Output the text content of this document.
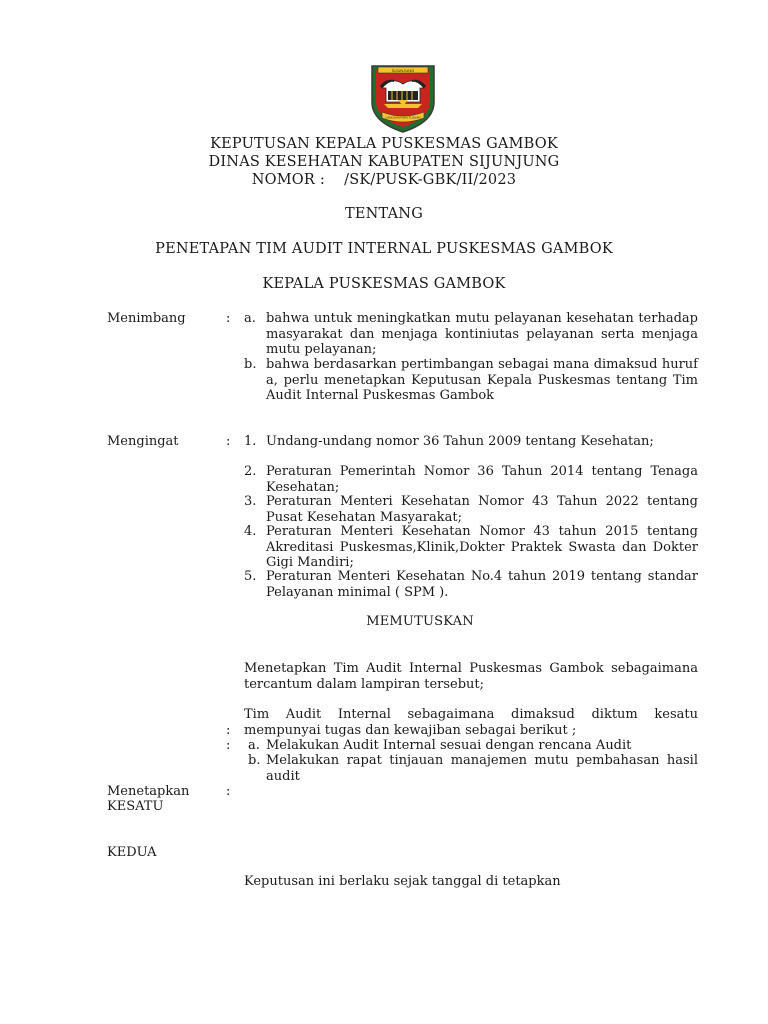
SIJUNJUNG
LANGGAM NAN TUJUAH
KEPUTUSAN KEPALA PUSKESMAS GAMBOK
DINAS KESEHATAN KABUPATEN SIJUNJUNG
NOMOR :    /SK/PUSK-GBK/II/2023
TENTANG
PENETAPAN TIM AUDIT INTERNAL PUSKESMAS GAMBOK
KEPALA PUSKESMAS GAMBOK
Menimbang	: a. bahwa untuk meningkatkan mutu pelayanan kesehatan terhadap masyarakat dan menjaga kontiniutas pelayanan serta menjaga mutu pelayanan;
b. bahwa berdasarkan pertimbangan sebagai mana dimaksud huruf a, perlu menetapkan Keputusan Kepala Puskesmas tentang Tim Audit Internal Puskesmas Gambok
Mengingat	: 1. Undang-undang nomor 36 Tahun 2009 tentang Kesehatan;
2. Peraturan Pemerintah Nomor 36 Tahun 2014 tentang Tenaga Kesehatan;
3. Peraturan Menteri Kesehatan Nomor 43 Tahun 2022 tentang Pusat Kesehatan Masyarakat;
4. Peraturan Menteri Kesehatan Nomor 43 tahun 2015 tentang Akreditasi Puskesmas,Klinik,Dokter Praktek Swasta dan Dokter Gigi Mandiri;
5. Peraturan Menteri Kesehatan No.4 tahun 2019 tentang standar Pelayanan minimal ( SPM ).
MEMUTUSKAN
Menetapkan Tim Audit Internal Puskesmas Gambok sebagaimana tercantum dalam lampiran tersebut;
Tim Audit Internal sebagaimana dimaksud diktum kesatu
: mempunyai tugas dan kewajiban sebagai berikut ;
: a. Melakukan Audit Internal sesuai dengan rencana Audit
b. Melakukan rapat tinjauan manajemen mutu pembahasan hasil audit
Menetapkan	:
KESATU
KEDUA
Keputusan ini berlaku sejak tanggal di tetapkan
